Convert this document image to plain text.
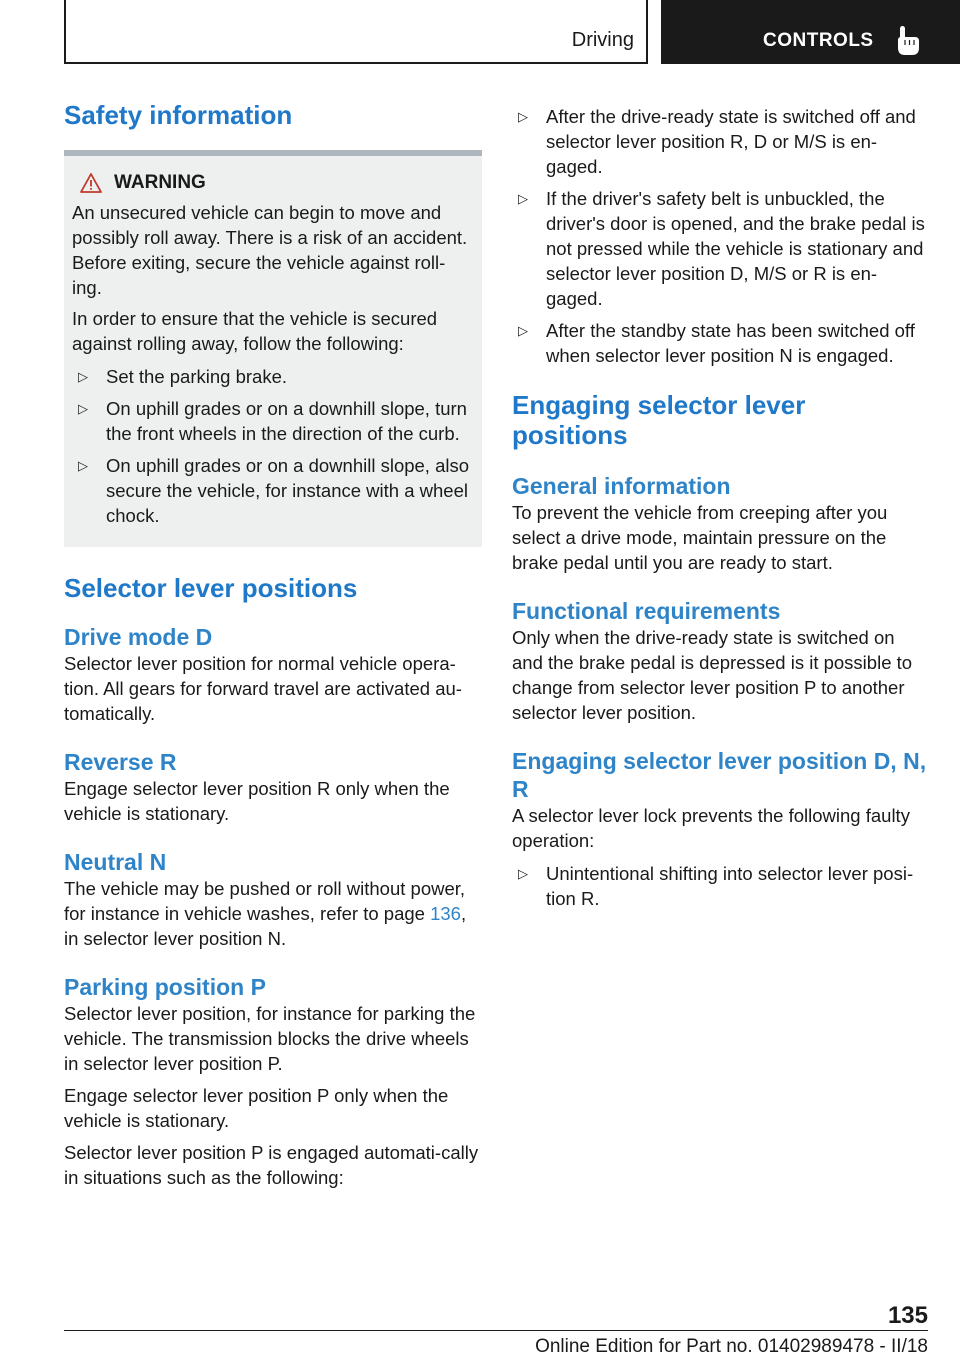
Driving	CONTROLS
Safety information
WARNING

An unsecured vehicle can begin to move and possibly roll away. There is a risk of an accident. Before exiting, secure the vehicle against roll-ing.

In order to ensure that the vehicle is secured against rolling away, follow the following:

▷ Set the parking brake.
▷ On uphill grades or on a downhill slope, turn the front wheels in the direction of the curb.
▷ On uphill grades or on a downhill slope, also secure the vehicle, for instance with a wheel chock.
Selector lever positions
Drive mode D

Selector lever position for normal vehicle opera-tion. All gears for forward travel are activated au-tomatically.

Reverse R

Engage selector lever position R only when the vehicle is stationary.

Neutral N

The vehicle may be pushed or roll without power, for instance in vehicle washes, refer to page 136, in selector lever position N.

Parking position P

Selector lever position, for instance for parking the vehicle. The transmission blocks the drive wheels in selector lever position P.

Engage selector lever position P only when the vehicle is stationary.

Selector lever position P is engaged automati-cally in situations such as the following:

▷ After the drive-ready state is switched off and selector lever position R, D or M/S is en-gaged.
▷ If the driver's safety belt is unbuckled, the driver's door is opened, and the brake pedal is not pressed while the vehicle is stationary and selector lever position D, M/S or R is en-gaged.
▷ After the standby state has been switched off when selector lever position N is engaged.
Engaging selector lever positions
General information

To prevent the vehicle from creeping after you select a drive mode, maintain pressure on the brake pedal until you are ready to start.

Functional requirements

Only when the drive-ready state is switched on and the brake pedal is depressed is it possible to change from selector lever position P to another selector lever position.

Engaging selector lever position D, N, R

A selector lever lock prevents the following faulty operation:

▷ Unintentional shifting into selector lever posi-tion R.
135
Online Edition for Part no. 01402989478 - II/18
